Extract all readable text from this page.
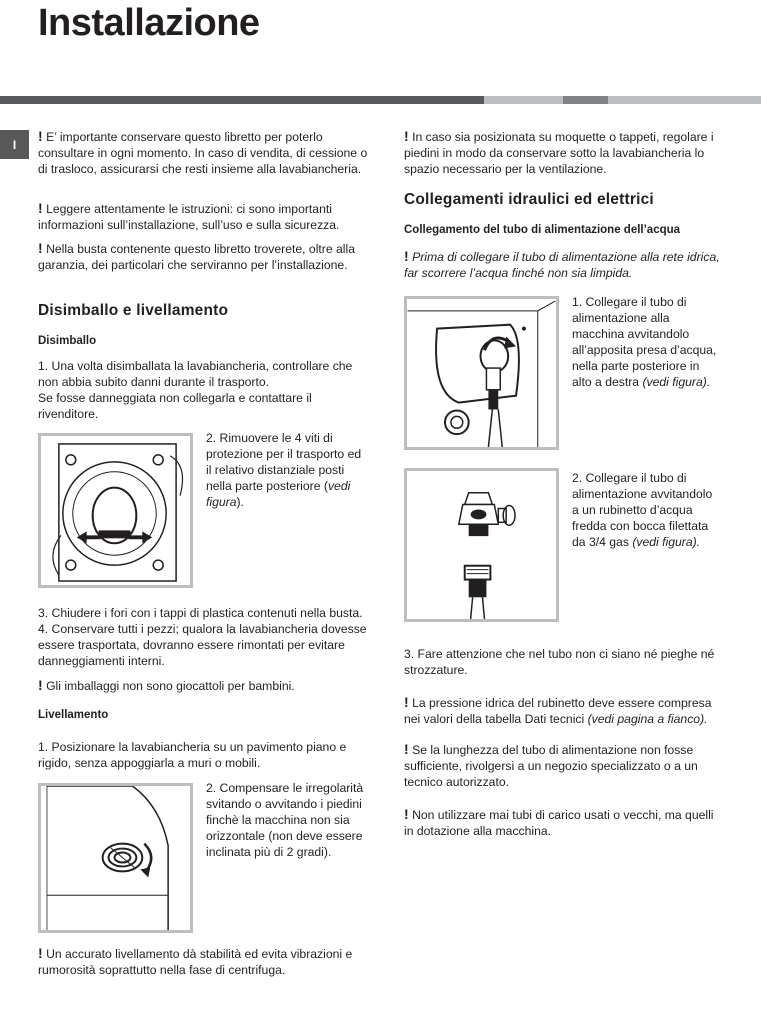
Installazione
I

! E’ importante conservare questo libretto per poterlo consultare in ogni momento. In caso di vendita, di cessione o di trasloco, assicurarsi che resti insieme alla lavabiancheria.

! Leggere attentamente le istruzioni: ci sono importanti informazioni sull’installazione, sull’uso e sulla sicurezza.

! Nella busta contenente questo libretto troverete, oltre alla garanzia, dei particolari che serviranno per l’installazione.

Disimballo e livellamento
Disimballo

1. Una volta disimballata la lavabiancheria, controllare che non abbia subito danni durante il trasporto.
Se fosse danneggiata non collegarla e contattare il rivenditore.

2. Rimuovere le 4 viti di protezione per il trasporto ed il relativo distanziale posti nella parte posteriore (vedi figura).

3. Chiudere i fori con i tappi di plastica contenuti nella busta.

4. Conservare tutti i pezzi; qualora la lavabiancheria dovesse essere trasportata, dovranno essere rimontati per evitare danneggiamenti interni.

! Gli imballaggi non sono giocattoli per bambini.

Livellamento

1. Posizionare la lavabiancheria su un pavimento piano e rigido, senza appoggiarla a muri o mobili.

2. Compensare le irregolarità svitando o avvitando i piedini finchè la macchina non sia orizzontale (non deve essere inclinata più di 2 gradi).

! Un accurato livellamento dà stabilità ed evita vibrazioni e rumorosità soprattutto nella fase di centrifuga.

! In caso sia posizionata su moquette o tappeti, regolare i piedini in modo da conservare sotto la lavabiancheria lo spazio necessario per la ventilazione.

Collegamenti idraulici ed elettrici
Collegamento del tubo di alimentazione dell’acqua

! Prima di collegare il tubo di alimentazione alla rete idrica, far scorrere l’acqua finché non sia limpida.

1. Collegare il tubo di alimentazione alla macchina avvitandolo all’apposita presa d’acqua, nella parte posteriore in alto a destra (vedi figura).

2. Collegare il tubo di alimentazione avvitandolo a un rubinetto d’acqua fredda con bocca filettata da 3/4 gas (vedi figura).

3. Fare attenzione che nel tubo non ci siano né pieghe né strozzature.

! La pressione idrica del rubinetto deve essere compresa nei valori della tabella Dati tecnici (vedi pagina a fianco).

! Se la lunghezza del tubo di alimentazione non fosse sufficiente, rivolgersi a un negozio specializzato o a un tecnico autorizzato.

! Non utilizzare mai tubi di carico usati o vecchi, ma quelli in dotazione alla macchina.
